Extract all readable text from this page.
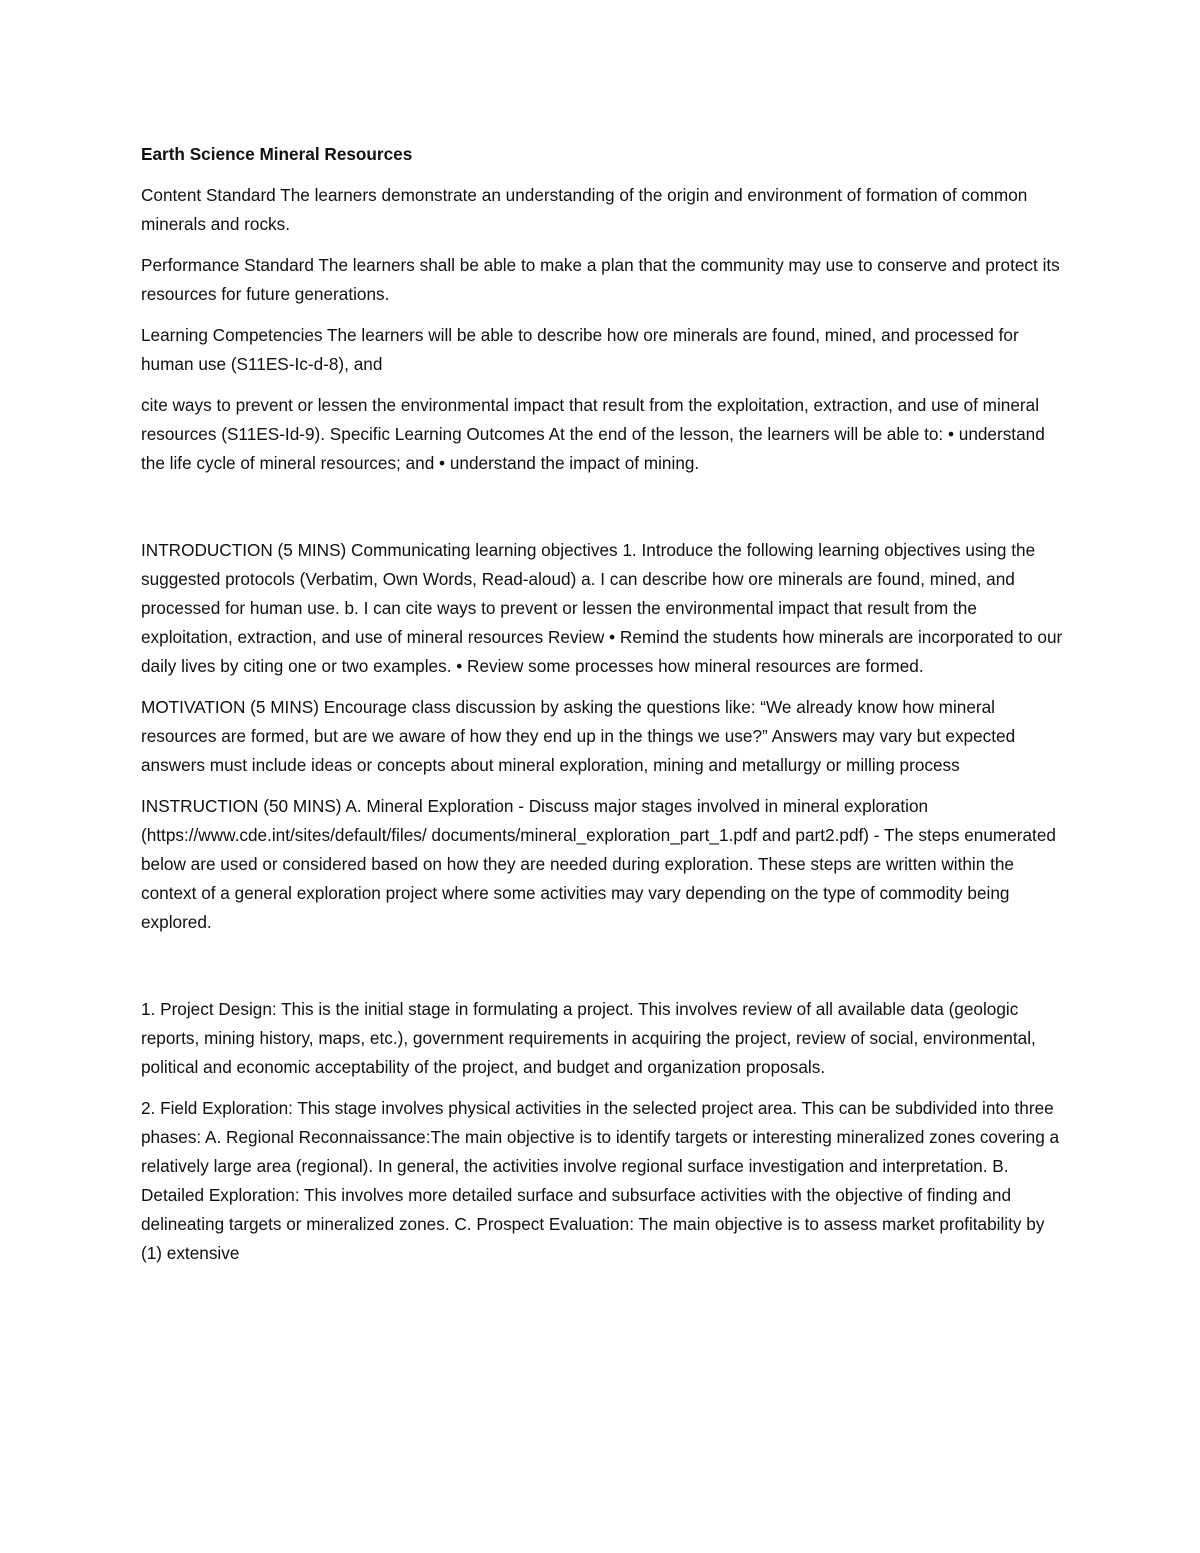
Earth Science Mineral Resources

Content Standard The learners demonstrate an understanding of the origin and environment of formation of common minerals and rocks.

Performance Standard The learners shall be able to make a plan that the community may use to conserve and protect its resources for future generations.

Learning Competencies The learners will be able to describe how ore minerals are found, mined, and processed for human use (S11ES-Ic-d-8), and

cite ways to prevent or lessen the environmental impact that result from the exploitation, extraction, and use of mineral resources (S11ES-Id-9). Specific Learning Outcomes At the end of the lesson, the learners will be able to: • understand the life cycle of mineral resources; and • understand the impact of mining.

INTRODUCTION (5 MINS) Communicating learning objectives 1. Introduce the following learning objectives using the suggested protocols (Verbatim, Own Words, Read-aloud) a. I can describe how ore minerals are found, mined, and processed for human use. b. I can cite ways to prevent or lessen the environmental impact that result from the exploitation, extraction, and use of mineral resources Review • Remind the students how minerals are incorporated to our daily lives by citing one or two examples. • Review some processes how mineral resources are formed.

MOTIVATION (5 MINS) Encourage class discussion by asking the questions like: “We already know how mineral resources are formed, but are we aware of how they end up in the things we use?” Answers may vary but expected answers must include ideas or concepts about mineral exploration, mining and metallurgy or milling process

INSTRUCTION (50 MINS) A. Mineral Exploration - Discuss major stages involved in mineral exploration (https://www.cde.int/sites/default/files/ documents/mineral_exploration_part_1.pdf and part2.pdf) - The steps enumerated below are used or considered based on how they are needed during exploration. These steps are written within the context of a general exploration project where some activities may vary depending on the type of commodity being explored.

1. Project Design: This is the initial stage in formulating a project. This involves review of all available data (geologic reports, mining history, maps, etc.), government requirements in acquiring the project, review of social, environmental, political and economic acceptability of the project, and budget and organization proposals.

2. Field Exploration: This stage involves physical activities in the selected project area. This can be subdivided into three phases: A. Regional Reconnaissance:The main objective is to identify targets or interesting mineralized zones covering a relatively large area (regional). In general, the activities involve regional surface investigation and interpretation. B. Detailed Exploration: This involves more detailed surface and subsurface activities with the objective of finding and delineating targets or mineralized zones. C. Prospect Evaluation: The main objective is to assess market profitability by (1) extensive
